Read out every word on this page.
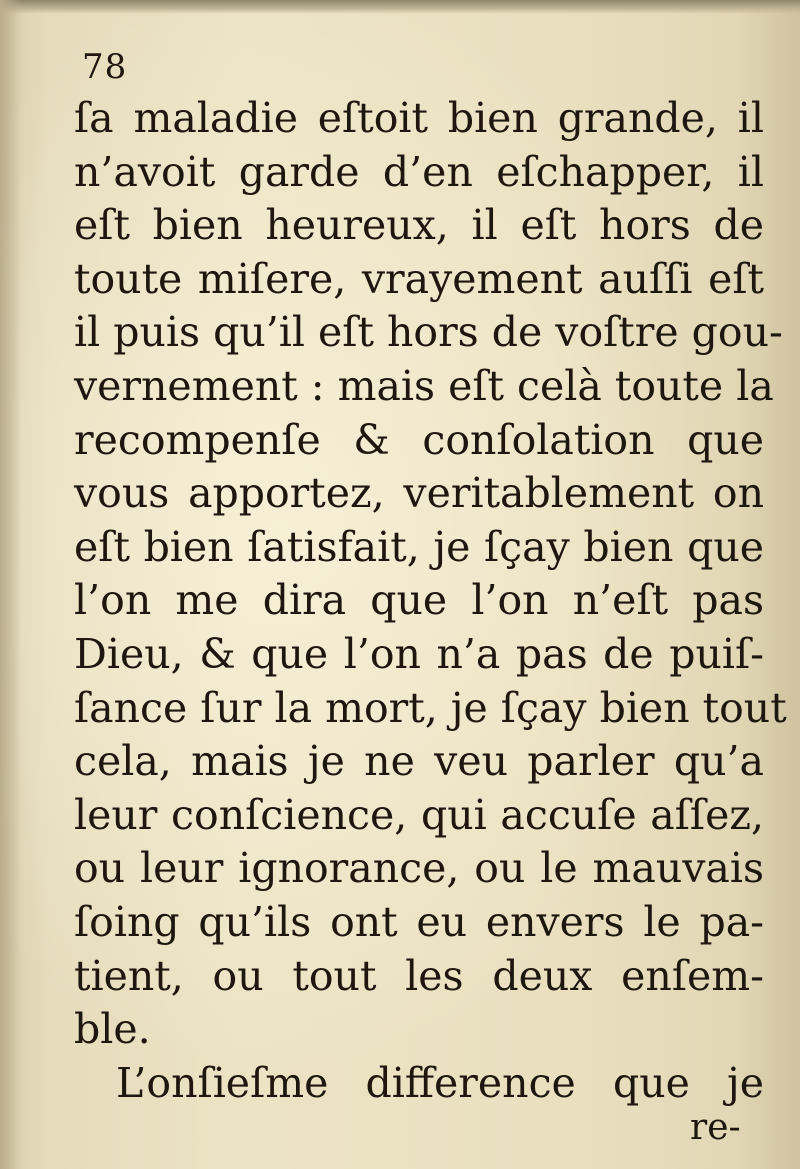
78
ſa maladie eſtoit bien grande, il
n’avoit garde d’en eſchapper, il
eſt bien heureux, il eſt hors de
toute miſere, vrayement auſſi eſt
il puis qu’il eſt hors de voſtre gou-
vernement : mais eſt celà toute la
recompenſe & conſolation que
vous apportez, veritablement on
eſt bien ſatisfait, je ſçay bien que
l’on me dira que l’on n’eſt pas
Dieu, & que l’on n’a pas de puiſ-
ſance ſur la mort, je ſçay bien tout
cela, mais je ne veu parler qu’a
leur conſcience, qui accuſe aſſez,
ou leur ignorance, ou le mauvais
ſoing qu’ils ont eu envers le pa-
tient, ou tout les deux enſem-
ble.
L’onſieſme difference que je
re-
